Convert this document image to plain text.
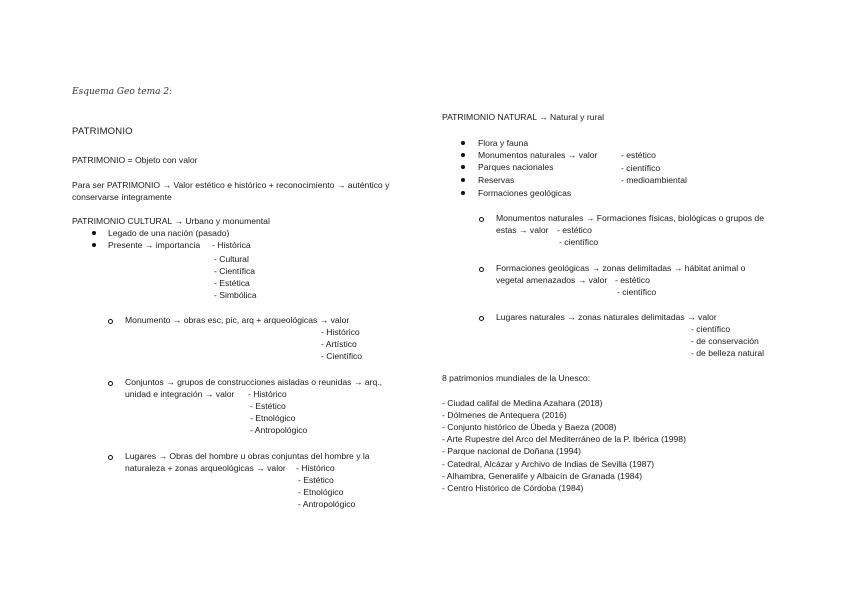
Esquema Geo tema 2:
PATRIMONIO
PATRIMONIO = Objeto con valor
Para ser PATRIMONIO → Valor estético e histórico + reconocimiento → auténtico y
conservarse íntegramente
PATRIMONIO CULTURAL → Urbano y monumental
Legado de una nación (pasado)
Presente → importancia - Histórica
- Cultural
- Científica
- Estética
- Simbólica
Monumento → obras esc, pic, arq + arqueológicas → valor
- Histórico
- Artístico
- Científico
Conjuntos → grupos de construcciones aisladas o reunidas → arq.,
unidad e integración → valor - Histórico
- Estético
- Etnológico
- Antropológico
Lugares → Obras del hombre u obras conjuntas del hombre y la
naturaleza + zonas arqueológicas → valor - Histórico
- Estético
- Etnológico
- Antropológico
PATRIMONIO NATURAL → Natural y rural
Flora y fauna
Monumentos naturales → valor	- estético
Parques nacionales	- científico
Reservas	- medioambiental
Formaciones geológicas
Monumentos naturales → Formaciones físicas, biológicas o grupos de
estas → valor - estético
- científico
Formaciones geológicas → zonas delimitadas → hábitat animal o
vegetal amenazados → valor - estético
- científico
Lugares naturales → zonas naturales delimitadas → valor
- científico
- de conservación
- de belleza natural
8 patrimonios mundiales de la Unesco:
- Ciudad califal de Medina Azahara (2018)
- Dólmenes de Antequera (2016)
- Conjunto histórico de Úbeda y Baeza (2008)
- Arte Rupestre del Arco del Mediterráneo de la P. Ibérica (1998)
- Parque nacional de Doñana (1994)
- Catedral, Alcázar y Archivo de Indias de Sevilla (1987)
- Alhambra, Generalife y Albaicín de Granada (1984)
- Centro Histórico de Córdoba (1984)
